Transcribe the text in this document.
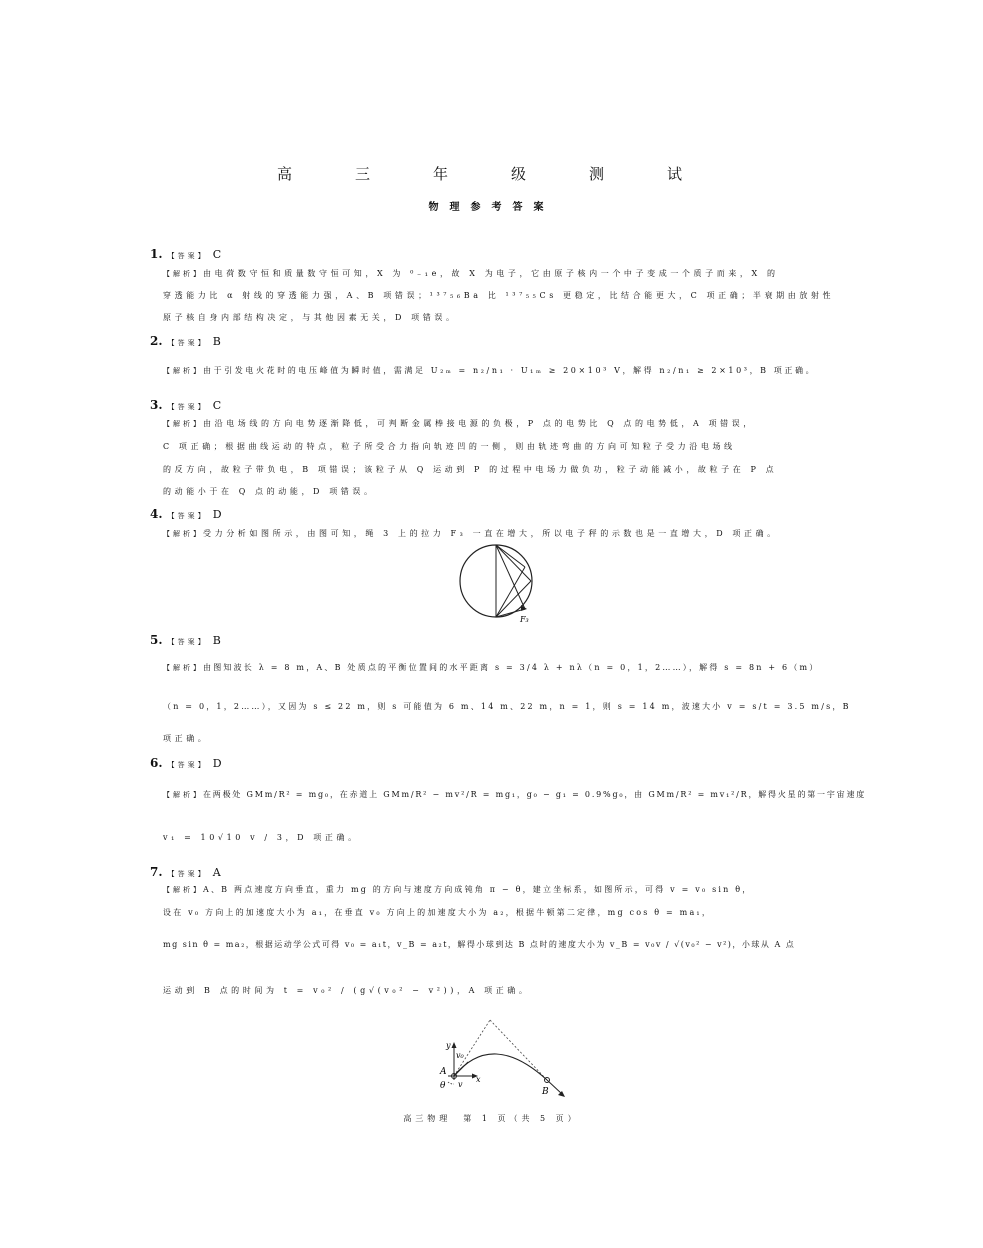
高　三　年　级　测　试
物理参考答案
1. 【答案】 C
【解析】由电荷数守恒和质量数守恒可知，X 为 ⁰₋₁e，故 X 为电子，它由原子核内一个中子变成一个质子而来，X 的
穿透能力比 α 射线的穿透能力强，A、B 项错误；¹³⁷₅₆Ba 比 ¹³⁷₅₅Cs 更稳定，比结合能更大，C 项正确；半衰期由放射性
原子核自身内部结构决定，与其他因素无关，D 项错误。
2. 【答案】 B
【解析】由于引发电火花时的电压峰值为瞬时值，需满足 U₂ₘ = n₂/n₁ · U₁ₘ ≥ 20×10³ V，解得 n₂/n₁ ≥ 2×10³，B 项正确。
3. 【答案】 C
【解析】由沿电场线的方向电势逐渐降低，可判断金属棒接电源的负极，P 点的电势比 Q 点的电势低，A 项错误，
C 项正确；根据曲线运动的特点，粒子所受合力指向轨迹凹的一侧，则由轨迹弯曲的方向可知粒子受力沿电场线
的反方向，故粒子带负电，B 项错误；该粒子从 Q 运动到 P 的过程中电场力做负功，粒子动能减小，故粒子在 P 点
的动能小于在 Q 点的动能，D 项错误。
4. 【答案】 D
【解析】受力分析如图所示，由图可知，绳 3 上的拉力 F₃ 一直在增大，所以电子秤的示数也是一直增大，D 项正确。
F₃
5. 【答案】 B
【解析】由图知波长 λ = 8 m，A、B 处质点的平衡位置间的水平距离 s = 3/4 λ + nλ（n = 0，1，2……），解得 s = 8n + 6（m）
（n = 0，1，2……），又因为 s ≤ 22 m，则 s 可能值为 6 m、14 m、22 m，n = 1，则 s = 14 m，波速大小 v = s/t = 3.5 m/s，B
项正确。
6. 【答案】 D
【解析】在两极处 GMm/R² = mg₀，在赤道上 GMm/R² − mv²/R = mg₁，g₀ − g₁ = 0.9%g₀，由 GMm/R² = mv₁²/R，解得火星的第一宇宙速度
v₁ = 10√10 v / 3，D 项正确。
7. 【答案】 A
【解析】A、B 两点速度方向垂直，重力 mg 的方向与速度方向成钝角 π − θ，建立坐标系，如图所示，可得 v = v₀ sin θ，
设在 v₀ 方向上的加速度大小为 a₁，在垂直 v₀ 方向上的加速度大小为 a₂，根据牛顿第二定律，mg cos θ = ma₁，
mg sin θ = ma₂，根据运动学公式可得 v₀ = a₁t，v_B = a₂t，解得小球到达 B 点时的速度大小为 v_B = v₀v / √(v₀² − v²)，小球从 A 点
运动到 B 点的时间为 t = v₀² / (g√(v₀² − v²))，A 项正确。
y
v₀
A
x
v
θ
B
高三物理　第 1 页（共 5 页）
